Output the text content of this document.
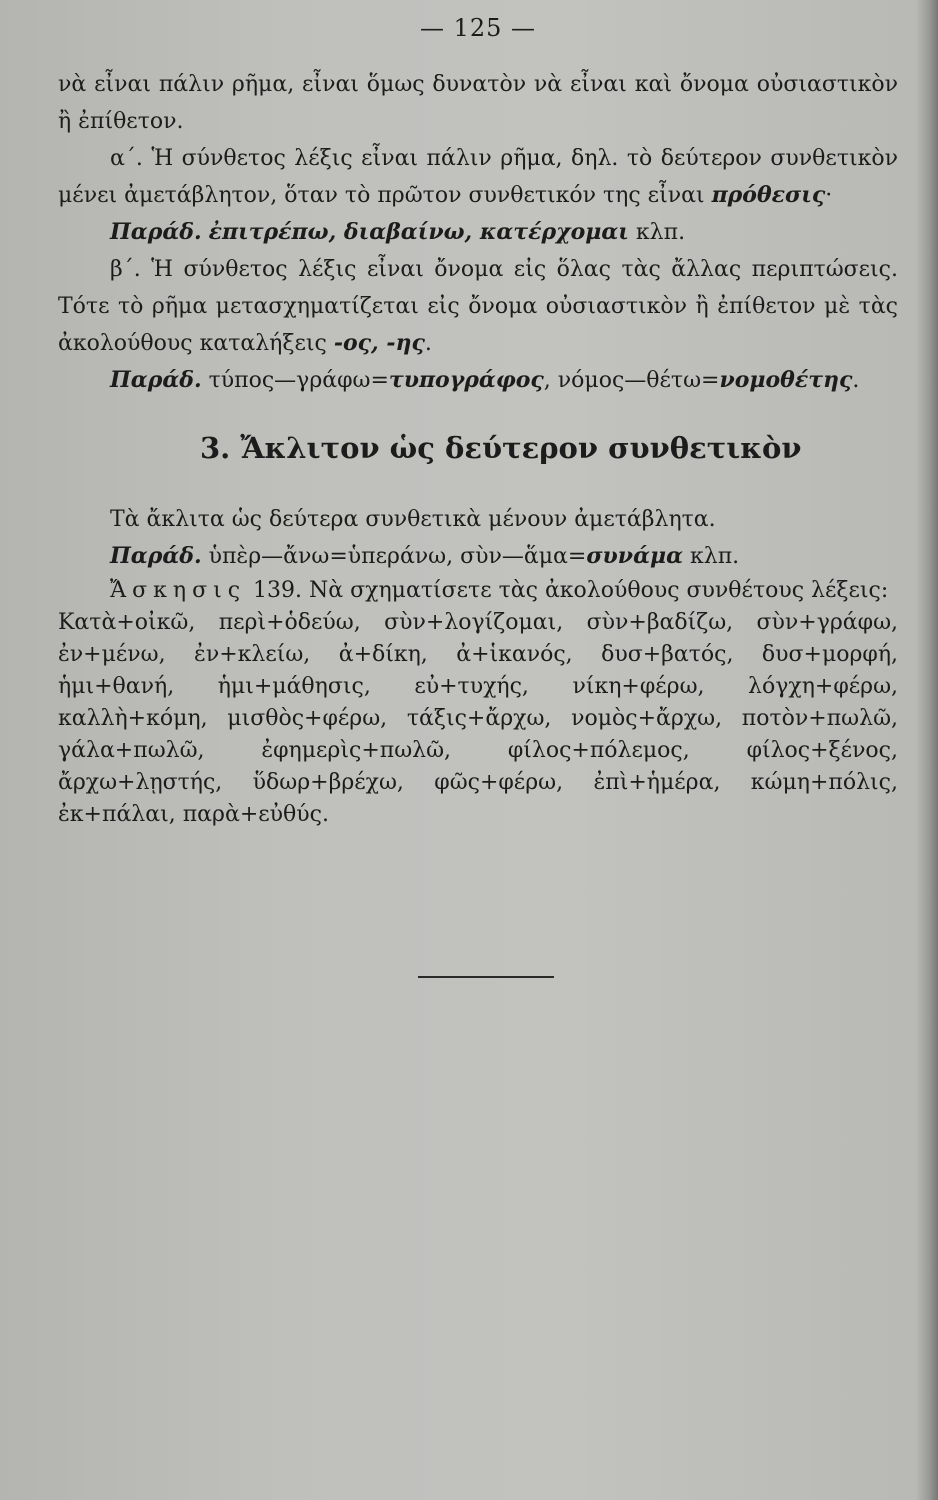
— 125 —

νὰ εἶναι πάλιν ρῆμα, εἶναι ὅμως δυνατὸν νὰ εἶναι καὶ ὄνομα οὐσιαστικὸν ἢ ἐπίθετον.

α΄. Ἡ σύνθετος λέξις εἶναι πάλιν ρῆμα, δηλ. τὸ δεύτερον συνθετικὸν μένει ἀμετάβλητον, ὅταν τὸ πρῶτον συνθετικόν της εἶναι πρόθεσις·

Παράδ. ἐπιτρέπω, διαβαίνω, κατέρχομαι κλπ.

β΄. Ἡ σύνθετος λέξις εἶναι ὄνομα εἰς ὅλας τὰς ἄλλας περιπτώσεις. Τότε τὸ ρῆμα μετασχηματίζεται εἰς ὄνομα οὐσιαστικὸν ἢ ἐπίθετον μὲ τὰς ἀκολούθους καταλήξεις -ος, -ης.

Παράδ. τύπος—γράφω=τυπογράφος, νόμος—θέτω=νομοθέτης.

3. Ἄκλιτον ὡς δεύτερον συνθετικὸν

Τὰ ἄκλιτα ὡς δεύτερα συνθετικὰ μένουν ἀμετάβλητα.

Παράδ. ὑπὲρ—ἄνω=ὑπεράνω, σὺν—ἅμα=συνάμα κλπ.

Ἄσκησις 139. Νὰ σχηματίσετε τὰς ἀκολούθους συνθέτους λέξεις:

Κατὰ+οἰκῶ, περὶ+ὁδεύω, σὺν+λογίζομαι, σὺν+βαδίζω, σὺν+γράφω, ἐν+μένω, ἐν+κλείω, ἀ+δίκη, ἀ+ἱκανός, δυσ+βατός, δυσ+μορφή, ἡμι+θανή, ἡμι+μάθησις, εὐ+τυχής, νίκη+φέρω, λόγχη+φέρω, καλλὴ+κόμη, μισθὸς+φέρω, τάξις+ἄρχω, νομὸς+ἄρχω, ποτὸν+πωλῶ, γάλα+πωλῶ, ἐφημερὶς+πωλῶ, φίλος+πόλεμος, φίλος+ξένος, ἄρχω+λῃστής, ὕδωρ+βρέχω, φῶς+φέρω, ἐπὶ+ἡμέρα, κώμη+πόλις, ἐκ+πάλαι, παρὰ+εὐθύς.
